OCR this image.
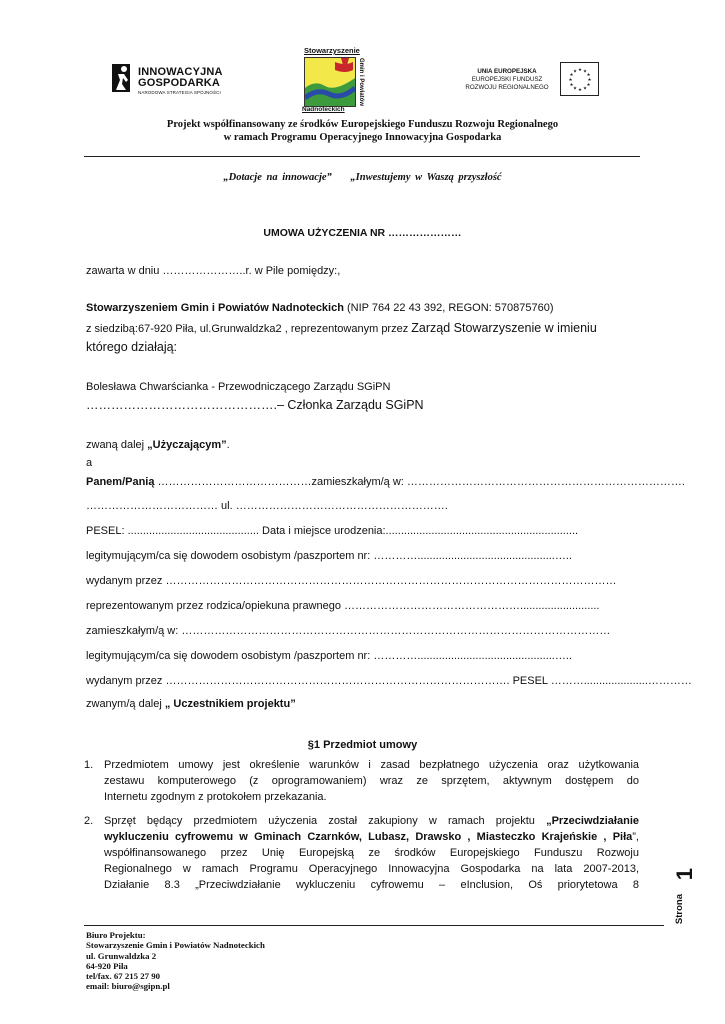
INNOWACYJNA
GOSPODARKA
NARODOWA STRATEGIA SPÓJNOŚCI
Stowarzyszenie
Gmin i Powiatów
Nadnoteckich
UNIA EUROPEJSKA
EUROPEJSKI FUNDUSZ
ROZWOJU REGIONALNEGO
★ ★
★
★
★
★
★
★
★
★
★
★
Projekt współfinansowany ze środków Europejskiego Funduszu Rozwoju Regionalnego
w ramach Programu Operacyjnego Innowacyjna Gospodarka
„Dotacje na innowacje” „Inwestujemy w Waszą przyszłość
UMOWA UŻYCZENIA NR …………………
zawarta w dniu …………………..r. w Pile pomiędzy:,
Stowarzyszeniem Gmin i Powiatów Nadnoteckich (NIP 764 22 43 392, REGON: 570875760)
z siedzibą:67-920 Piła, ul.Grunwaldzka2 , reprezentowanym przez Zarząd Stowarzyszenie w imieniu
którego działają:
Bolesława Chwarścianka - Przewodniczącego Zarządu SGiPN
……………………………………….– Członka Zarządu SGiPN
zwaną dalej „Użyczającym”.
a
Panem/Panią ……………………………………zamieszkałym/ą w: ………………………………………………………………….
……………………………… ul. ………………………………………………….
PESEL: ........................................... Data i miejsce urodzenia:...............................................................
legitymującym/ca się dowodem osobistym /paszportem nr: ………….............................................…..
wydanym przez ……………………………………………………………………………………………………………
reprezentowanym przez rodzica/opiekuna prawnego …………………………………………..........................
zamieszkałym/ą w: ………………………………………………………………………………………………………
legitymującym/ca się dowodem osobistym /paszportem nr: ………….............................................…..
wydanym przez …………………………………………………………………………………. PESEL ……….....................…………
zwanym/ą dalej „ Uczestnikiem projektu”
§1 Przedmiot umowy
1. Przedmiotem umowy jest określenie warunków i zasad bezpłatnego użyczenia oraz użytkowania
zestawu komputerowego (z oprogramowaniem) wraz ze sprzętem, aktywnym dostępem do
Internetu zgodnym z protokołem przekazania.
2. Sprzęt będący przedmiotem użyczenia został zakupiony w ramach projektu „Przeciwdziałanie
wykluczeniu cyfrowemu w Gminach Czarnków, Lubasz, Drawsko , Miasteczko Krajeńskie , Piła”,
współfinansowanego przez Unię Europejską ze środków Europejskiego Funduszu Rozwoju
Regionalnego w ramach Programu Operacyjnego Innowacyjna Gospodarka na lata 2007-2013,
Działanie 8.3 „Przeciwdziałanie wykluczeniu cyfrowemu – eInclusion, Oś priorytetowa 8
1
Strona
Biuro Projektu:
Stowarzyszenie Gmin i Powiatów Nadnoteckich
ul. Grunwaldzka 2
64-920 Piła
tel/fax. 67 215 27 90
email: biuro@sgipn.pl
